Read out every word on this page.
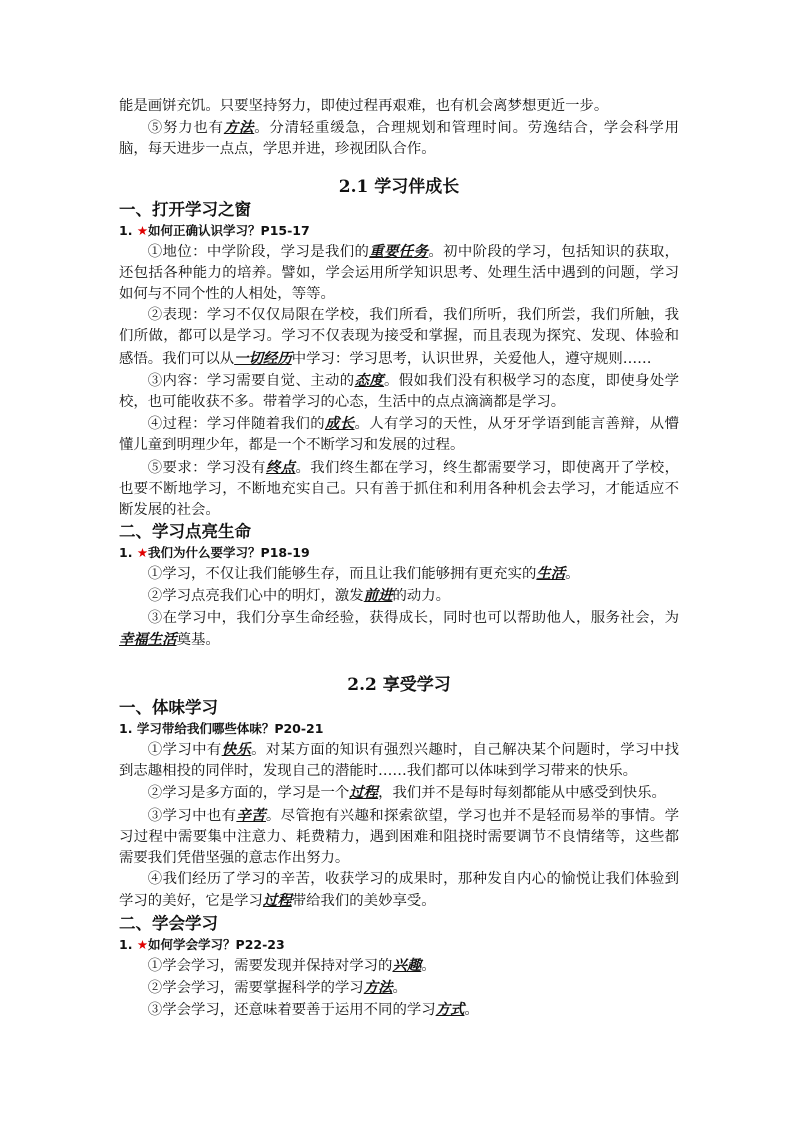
能是画饼充饥。只要坚持努力，即使过程再艰难，也有机会离梦想更近一步。

⑤努力也有方法。分清轻重缓急，合理规划和管理时间。劳逸结合，学会科学用脑，每天进步一点点，学思并进，珍视团队合作。

2.1 学习伴成长
一、打开学习之窗
1. ★如何正确认识学习？P15-17

①地位：中学阶段，学习是我们的重要任务。初中阶段的学习，包括知识的获取，还包括各种能力的培养。譬如，学会运用所学知识思考、处理生活中遇到的问题，学习如何与不同个性的人相处，等等。

②表现：学习不仅仅局限在学校，我们所看，我们所听，我们所尝，我们所触，我们所做，都可以是学习。学习不仅表现为接受和掌握，而且表现为探究、发现、体验和感悟。我们可以从一切经历中学习：学习思考，认识世界，关爱他人，遵守规则……

③内容：学习需要自觉、主动的态度。假如我们没有积极学习的态度，即使身处学校，也可能收获不多。带着学习的心态，生活中的点点滴滴都是学习。

④过程：学习伴随着我们的成长。人有学习的天性，从牙牙学语到能言善辩，从懵懂儿童到明理少年，都是一个不断学习和发展的过程。

⑤要求：学习没有终点。我们终生都在学习，终生都需要学习，即使离开了学校，也要不断地学习，不断地充实自己。只有善于抓住和利用各种机会去学习，才能适应不断发展的社会。

二、学习点亮生命
1. ★我们为什么要学习？P18-19

①学习，不仅让我们能够生存，而且让我们能够拥有更充实的生活。

②学习点亮我们心中的明灯，激发前进的动力。

③在学习中，我们分享生命经验，获得成长，同时也可以帮助他人，服务社会，为幸福生活奠基。

2.2 享受学习
一、体味学习
1. 学习带给我们哪些体味？P20-21

①学习中有快乐。对某方面的知识有强烈兴趣时，自己解决某个问题时，学习中找到志趣相投的同伴时，发现自己的潜能时……我们都可以体味到学习带来的快乐。

②学习是多方面的，学习是一个过程，我们并不是每时每刻都能从中感受到快乐。

③学习中也有辛苦。尽管抱有兴趣和探索欲望，学习也并不是轻而易举的事情。学习过程中需要集中注意力、耗费精力，遇到困难和阻挠时需要调节不良情绪等，这些都需要我们凭借坚强的意志作出努力。

④我们经历了学习的辛苦，收获学习的成果时，那种发自内心的愉悦让我们体验到学习的美好，它是学习过程带给我们的美妙享受。

二、学会学习
1. ★如何学会学习？P22-23

①学会学习，需要发现并保持对学习的兴趣。

②学会学习，需要掌握科学的学习方法。

③学会学习，还意味着要善于运用不同的学习方式。
